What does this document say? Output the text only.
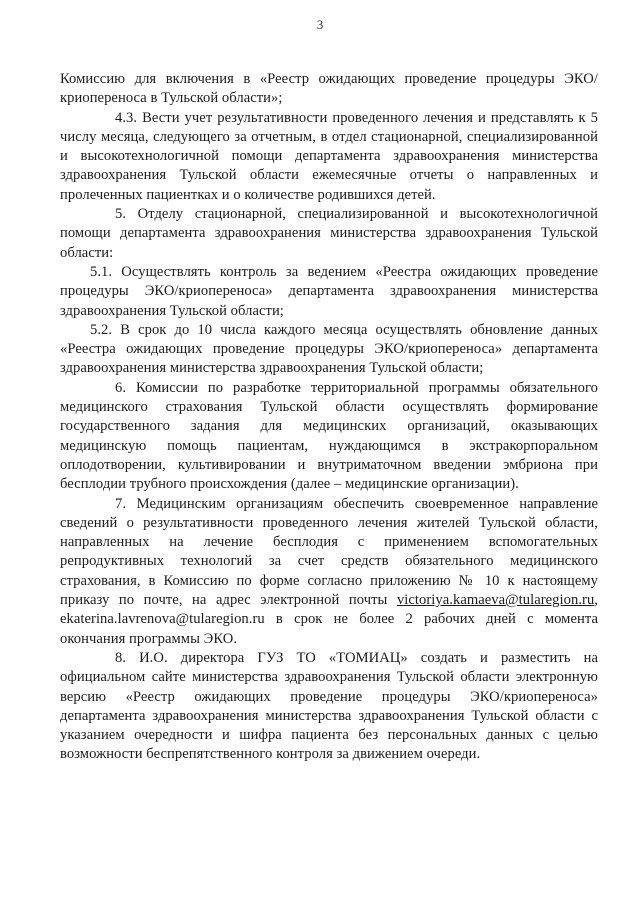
3

Комиссию для включения в «Реестр ожидающих проведение процедуры ЭКО/криопереноса в Тульской области»;

4.3. Вести учет результативности проведенного лечения и представлять к 5 числу месяца, следующего за отчетным, в отдел стационарной, специализированной и высокотехнологичной помощи департамента здравоохранения министерства здравоохранения Тульской области ежемесячные отчеты о направленных и пролеченных пациентках и о количестве родившихся детей.

5. Отделу стационарной, специализированной и высокотехнологичной помощи департамента здравоохранения министерства здравоохранения Тульской области:

5.1. Осуществлять контроль за ведением «Реестра ожидающих проведение процедуры ЭКО/криопереноса» департамента здравоохранения министерства здравоохранения Тульской области;

5.2. В срок до 10 числа каждого месяца осуществлять обновление данных «Реестра ожидающих проведение процедуры ЭКО/криопереноса» департамента здравоохранения министерства здравоохранения Тульской области;

6. Комиссии по разработке территориальной программы обязательного медицинского страхования Тульской области осуществлять формирование государственного задания для медицинских организаций, оказывающих медицинскую помощь пациентам, нуждающимся в экстракорпоральном оплодотворении, культивировании и внутриматочном введении эмбриона при бесплодии трубного происхождения (далее – медицинские организации).

7. Медицинским организациям обеспечить своевременное направление сведений о результативности проведенного лечения жителей Тульской области, направленных на лечение бесплодия с применением вспомогательных репродуктивных технологий за счет средств обязательного медицинского страхования, в Комиссию по форме согласно приложению № 10 к настоящему приказу по почте, на адрес электронной почты victoriya.kamaeva@tularegion.ru, ekaterina.lavrenova@tularegion.ru в срок не более 2 рабочих дней с момента окончания программы ЭКО.

8. И.О. директора ГУЗ ТО «ТОМИАЦ» создать и разместить на официальном сайте министерства здравоохранения Тульской области электронную версию «Реестр ожидающих проведение процедуры ЭКО/криопереноса» департамента здравоохранения министерства здравоохранения Тульской области с указанием очередности и шифра пациента без персональных данных с целью возможности беспрепятственного контроля за движением очереди.
